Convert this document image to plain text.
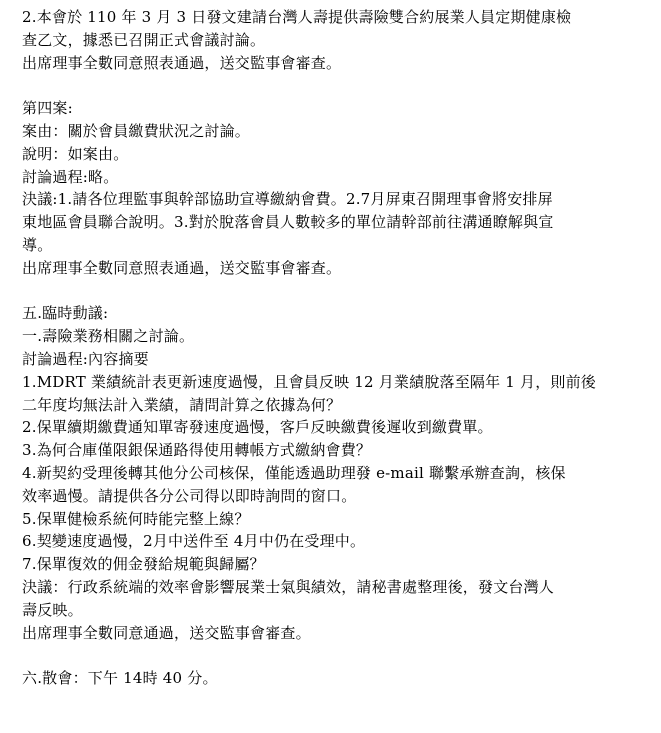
2.本會於 110 年 3 月 3 日發文建請台灣人壽提供壽險雙合約展業人員定期健康檢
查乙文，據悉已召開正式會議討論。
出席理事全數同意照表通過，送交監事會審查。
第四案:
案由：關於會員繳費狀況之討論。
說明：如案由。
討論過程:略。
決議:1.請各位理監事與幹部協助宣導繳納會費。2.7月屏東召開理事會將安排屏
東地區會員聯合說明。3.對於脫落會員人數較多的單位請幹部前往溝通瞭解與宣
導。
出席理事全數同意照表通過，送交監事會審查。
五.臨時動議:
一.壽險業務相關之討論。
討論過程:內容摘要
1.MDRT 業績統計表更新速度過慢，且會員反映 12 月業績脫落至隔年 1 月，則前後
二年度均無法計入業績，請問計算之依據為何？
2.保單續期繳費通知單寄發速度過慢，客戶反映繳費後遲收到繳費單。
3.為何合庫僅限銀保通路得使用轉帳方式繳納會費？
4.新契約受理後轉其他分公司核保，僅能透過助理發 e-mail 聯繫承辦查詢，核保
效率過慢。請提供各分公司得以即時詢問的窗口。
5.保單健檢系統何時能完整上線？
6.契變速度過慢，2月中送件至 4月中仍在受理中。
7.保單復效的佣金發給規範與歸屬？
決議：行政系統端的效率會影響展業士氣與績效，請秘書處整理後，發文台灣人
壽反映。
出席理事全數同意通過，送交監事會審查。
六.散會：下午 14時 40 分。
